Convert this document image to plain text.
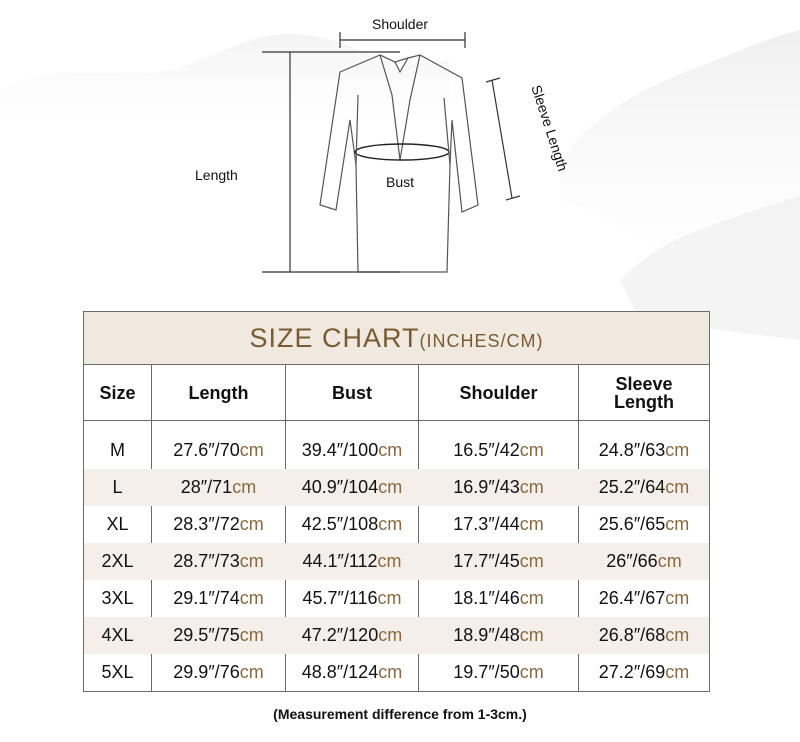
Shoulder
Length	Bust
Sleeve Length
SIZE CHART (INCHES/CM)
Size	Length	Bust	Shoulder	Sleeve Length
M	27.6″/70cm	39.4″/100cm	16.5″/42cm	24.8″/63cm
L	28″/71cm	40.9″/104cm	16.9″/43cm	25.2″/64cm
XL	28.3″/72cm	42.5″/108cm	17.3″/44cm	25.6″/65cm
2XL	28.7″/73cm	44.1″/112cm	17.7″/45cm	26″/66cm
3XL	29.1″/74cm	45.7″/116cm	18.1″/46cm	26.4″/67cm
4XL	29.5″/75cm	47.2″/120cm	18.9″/48cm	26.8″/68cm
5XL	29.9″/76cm	48.8″/124cm	19.7″/50cm	27.2″/69cm
(Measurement difference from 1-3cm.)
